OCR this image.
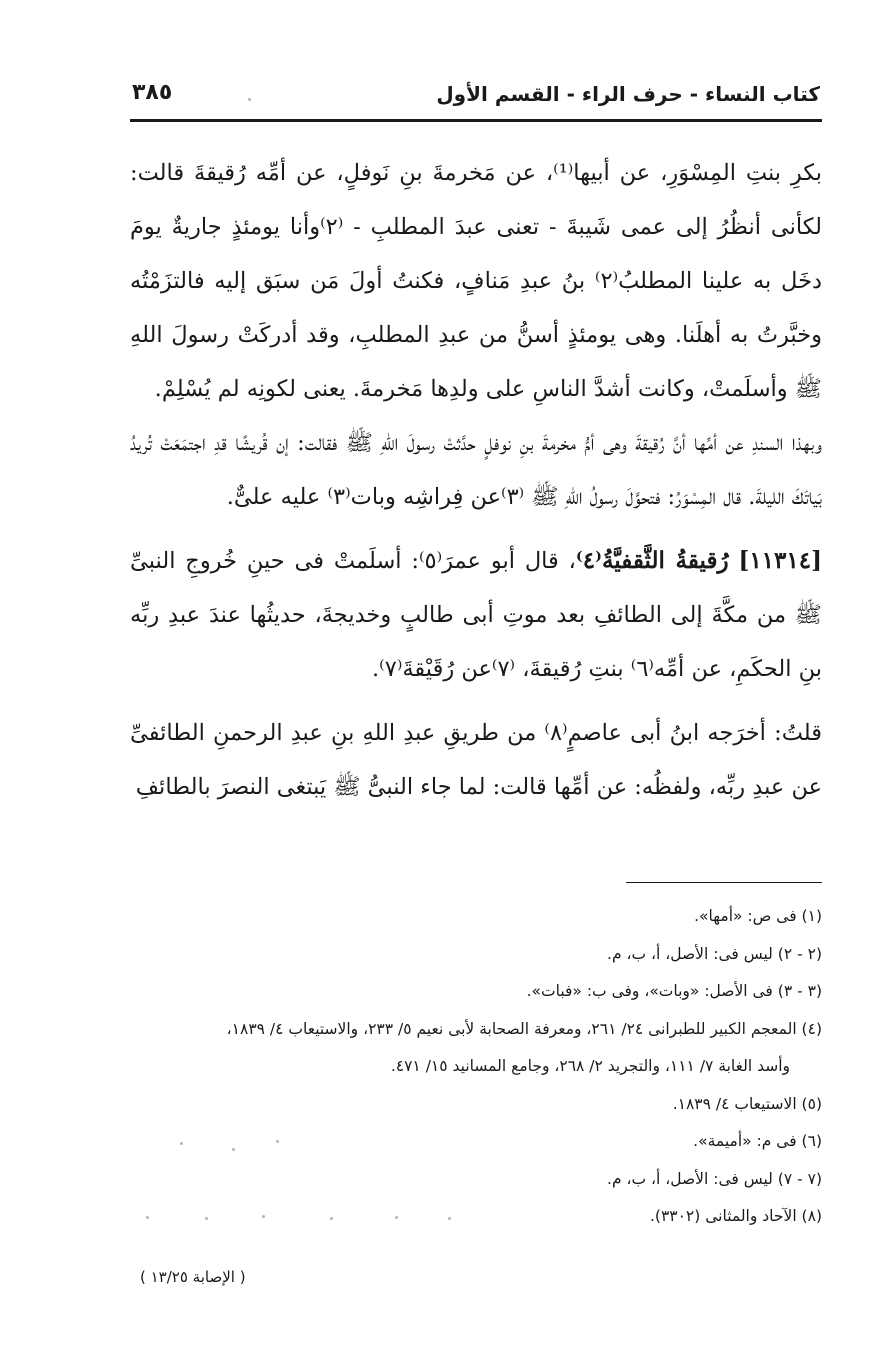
كتاب النساء - حرف الراء - القسم الأول
٣٨٥

بكرِ بنتِ المِسْوَرِ، عن أبيها⁽¹⁾، عن مَخرمةَ بنِ نَوفلٍ، عن أمِّه رُقيقةَ قالت: لكأنى أنظُرُ إلى عمى شَيبةَ - تعنى عبدَ المطلبِ - ⁽٢⁾وأنا يومئذٍ جاريةٌ يومَ دخَل به علينا المطلبُ⁽٢⁾ بنُ عبدِ مَنافٍ، فكنتُ أولَ مَن سبَق إليه فالتزَمْتُه وخبَّرتُ به أهلَنا. وهى يومئذٍ أسنُّ من عبدِ المطلبِ، وقد أدركَتْ رسولَ اللهِ ﷺ وأسلَمتْ، وكانت أشدَّ الناسِ على ولدِها مَخرمةَ. يعنى لكونِه لم يُسْلِمْ.

وبهذا السندِ عن أمِّها أنَّ رُقيقةَ وهى أمُّ مخرمةَ بنِ نوفلٍ حدَّثتْ رسولَ اللهِ ﷺ فقالت: إن قُريشًا قدِ اجتمَعَتْ تُريدُ بَياتَكَ الليلةَ. قال المِسْوَرُ: فتحوَّلَ رسولُ اللهِ ﷺ ⁽٣⁾عن فِراشِه وبات⁽٣⁾ عليه علىٌّ.

[١١٣١٤] رُقيقةُ الثَّقفيَّةُ⁽٤⁾، قال أبو عمرَ⁽٥⁾: أسلَمتْ فى حينِ خُروجِ النبىِّ ﷺ من مكَّةَ إلى الطائفِ بعد موتِ أبى طالبٍ وخديجةَ، حديثُها عندَ عبدِ ربِّه بنِ الحكَمِ، عن أمِّه⁽٦⁾ بنتِ رُقيقةَ، ⁽٧⁾عن رُقَيْقةَ⁽٧⁾.

قلتُ: أخرَجه ابنُ أبى عاصمٍ⁽٨⁾ من طريقِ عبدِ اللهِ بنِ عبدِ الرحمنِ الطائفىِّ عن عبدِ ربِّه، ولفظُه: عن أمِّها قالت: لما جاء النبىُّ ﷺ يَبتغى النصرَ بالطائفِ

(١) فى ص: «أمها».

(٢ - ٢) ليس فى: الأصل، أ، ب، م.

(٣ - ٣) فى الأصل: «وبات»، وفى ب: «فبات».

(٤) المعجم الكبير للطبرانى ٢٤/ ٢٦١، ومعرفة الصحابة لأبى نعيم ٥/ ٢٣٣، والاستيعاب ٤/ ١٨٣٩،

وأسد الغابة ٧/ ١١١، والتجريد ٢/ ٢٦٨، وجامع المسانيد ١٥/ ٤٧١.

(٥) الاستيعاب ٤/ ١٨٣٩.

(٦) فى م: «أميمة».

(٧ - ٧) ليس فى: الأصل، أ، ب، م.

(٨) الآحاد والمثانى (٣٣٠٢).

( الإصابة ١٣/٢٥ )
